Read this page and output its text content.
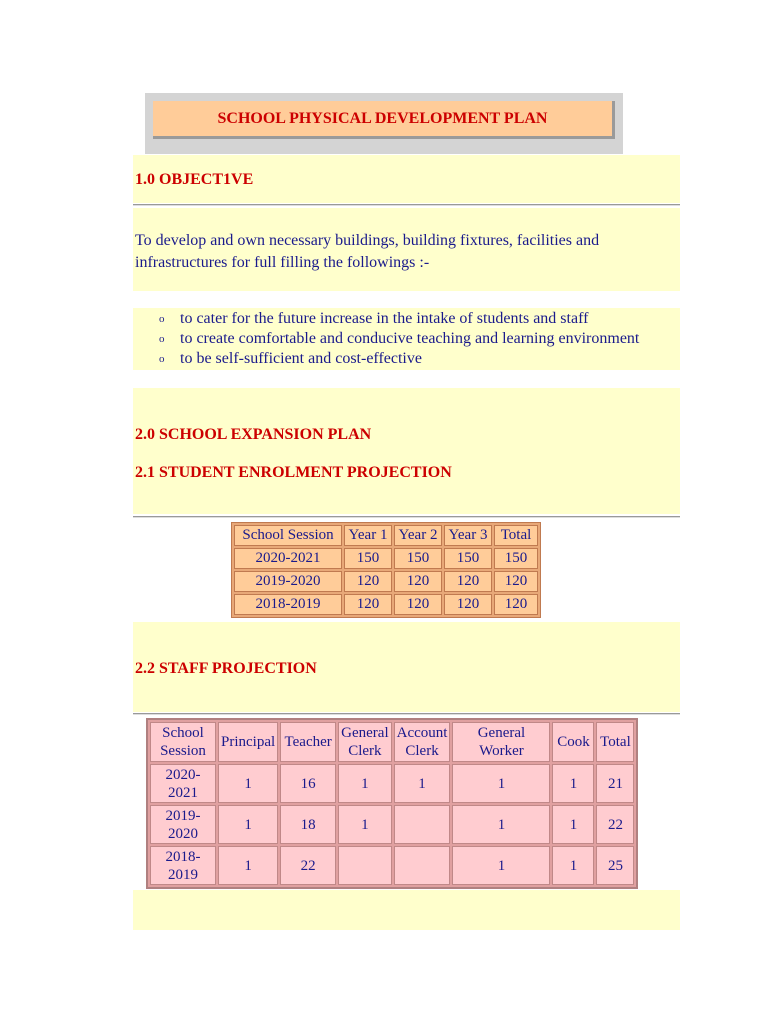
SCHOOL PHYSICAL DEVELOPMENT PLAN
1.0 OBJECT1VE
To develop and own necessary buildings, building fixtures, facilities and infrastructures for full filling the followings :-
o to cater for the future increase in the intake of students and staff
o to create comfortable and conducive teaching and learning environment
o to be self-sufficient and cost-effective
2.0 SCHOOL EXPANSION PLAN
2.1 STUDENT ENROLMENT PROJECTION
School Session	Year 1	Year 2	Year 3	Total
2020-2021	150	150	150	150
2019-2020	120	120	120	120
2018-2019	120	120	120	120
2.2 STAFF PROJECTION
School Session	Principal	Teacher	General Clerk	Account Clerk	General Worker	Cook	Total
2020-2021	1	16	1	1	1	1	21
2019-2020	1	18	1		1	1	22
2018-2019	1	22			1	1	25
